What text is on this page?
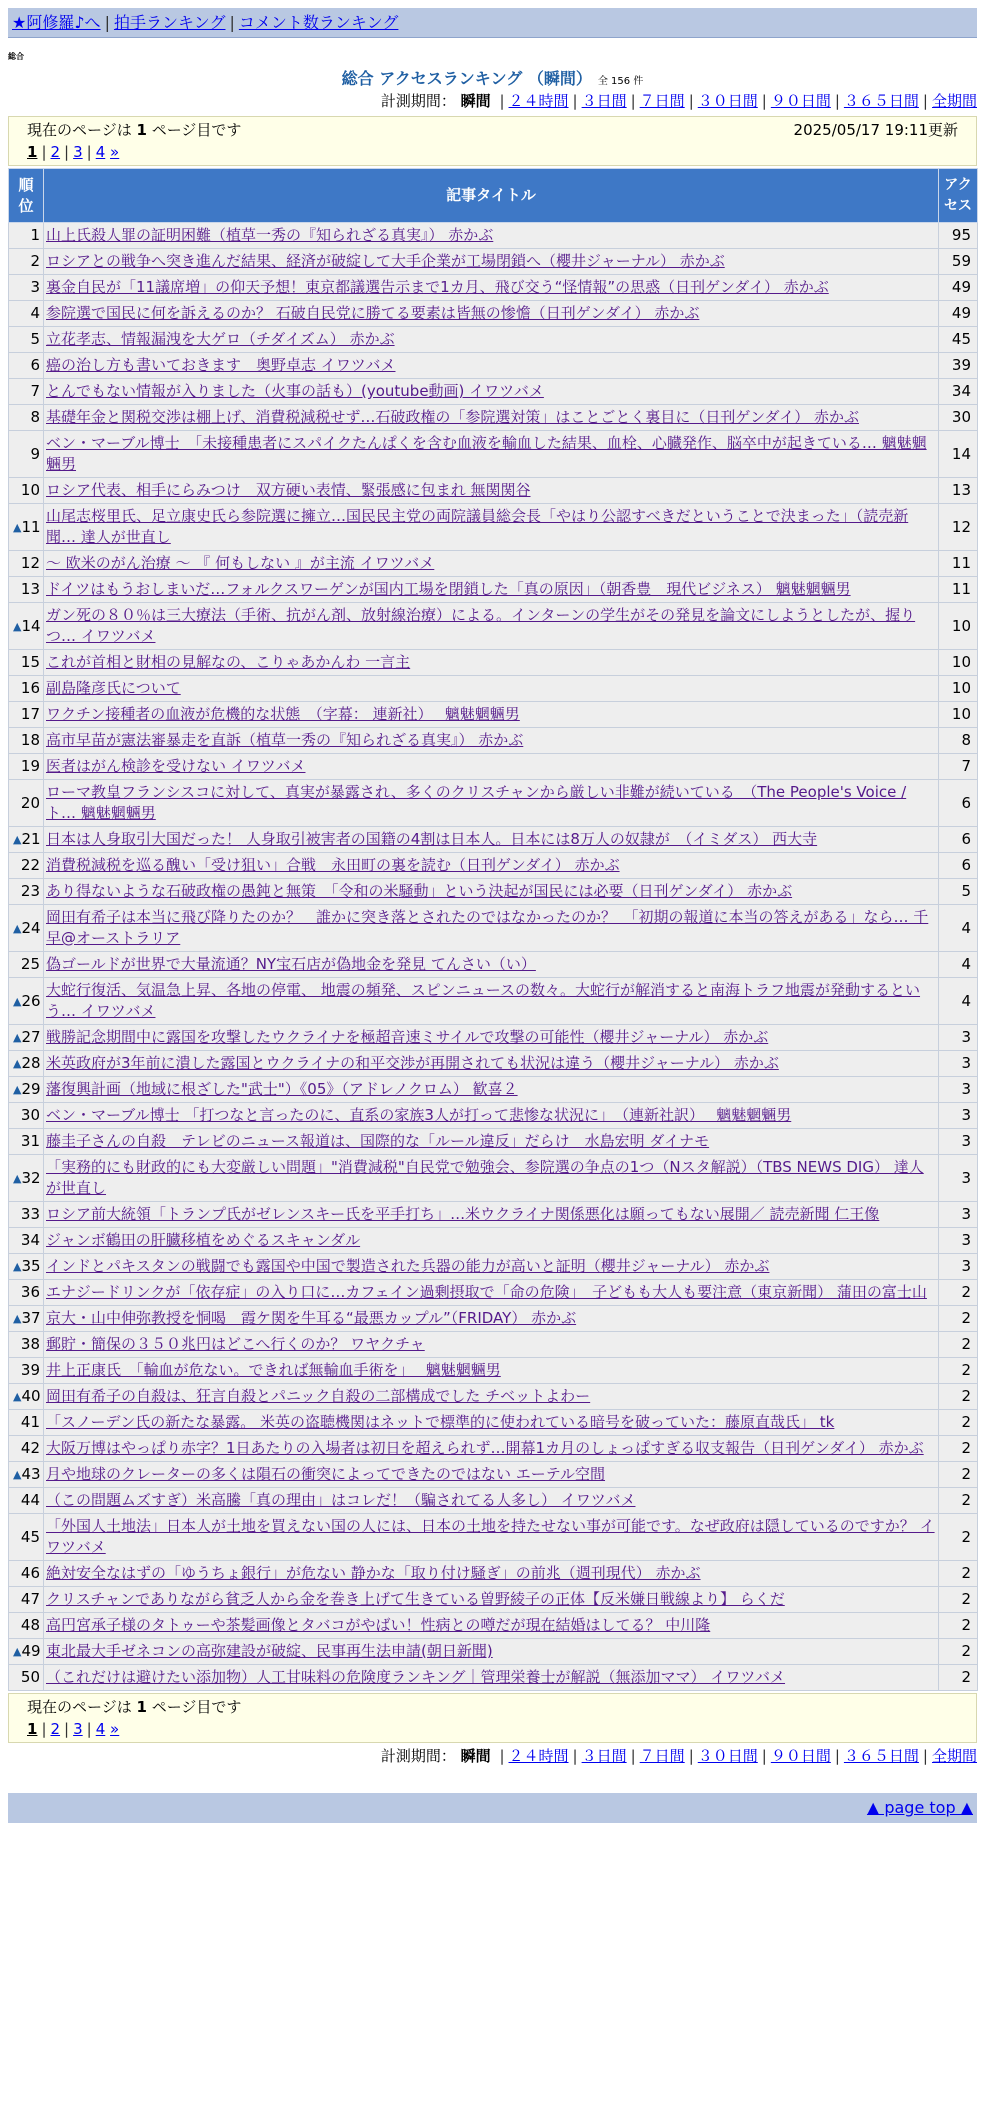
★阿修羅♪へ | 拍手ランキング | コメント数ランキング
総合
総合 アクセスランキング （瞬間） 全 156 件
計測期間： 瞬間 | ２４時間 | ３日間 | ７日間 | ３０日間 | ９０日間 | ３６５日間 | 全期間
現在のページは 1 ページ目です	2025/05/17 19:11更新
1 | 2 | 3 | 4 »
順位	記事タイトル	アクセス
1	山上氏殺人罪の証明困難（植草一秀の『知られざる真実』） 赤かぶ	95
2	ロシアとの戦争へ突き進んだ結果、経済が破綻して大手企業が工場閉鎖へ（櫻井ジャーナル） 赤かぶ	59
3	裏金自民が「11議席増」の仰天予想！東京都議選告示まで1カ月、飛び交う“怪情報”の思惑（日刊ゲンダイ） 赤かぶ	49
4	参院選で国民に何を訴えるのか？ 石破自民党に勝てる要素は皆無の惨憺（日刊ゲンダイ） 赤かぶ	49
5	立花孝志、情報漏洩を大ゲロ（チダイズム） 赤かぶ	45
6	癌の治し方も書いておきます　奥野卓志 イワツバメ	39
7	とんでもない情報が入りました（火事の話も）(youtube動画) イワツバメ	34
8	基礎年金と関税交渉は棚上げ、消費税減税せず…石破政権の「参院選対策」はことごとく裏目に（日刊ゲンダイ） 赤かぶ	30
9	ベン・マーブル博士　「未接種患者にスパイクたんぱくを含む血液を輸血した結果、血栓、心臓発作、脳卒中が起きている… 魑魅魍魎男	14
10	ロシア代表、相手にらみつけ　双方硬い表情、緊張感に包まれ 無関関谷	13

▲ 11	山尾志桜里氏、足立康史氏ら参院選に擁立…国民民主党の両院議員総会長「やはり公認すべきだということで決まった」（読売新聞… 達人が世直し	12
12	～ 欧米のがん治療 ～ 『 何もしない 』が主流 イワツバメ	11
13	ドイツはもうおしまいだ…フォルクスワーゲンが国内工場を閉鎖した「真の原因」（朝香豊　現代ビジネス） 魑魅魍魎男	11

▲ 14	ガン死の８０％は三大療法（手術、抗がん剤、放射線治療）による。インターンの学生がその発見を論文にしようとしたが、握りつ… イワツバメ	10
15	これが首相と財相の見解なの、こりゃあかんわ 一言主	10
16	副島隆彦氏について	10
17	ワクチン接種者の血液が危機的な状態　（字幕： 連新社）　 魑魅魍魎男	10
18	高市早苗が憲法審暴走を直訴（植草一秀の『知られざる真実』） 赤かぶ	8
19	医者はがん検診を受けない イワツバメ	7
20	ローマ教皇フランシスコに対して、真実が暴露され、多くのクリスチャンから厳しい非難が続いている　（The People's Voice / ト… 魑魅魍魎男	6

▲ 21	日本は人身取引大国だった！ 人身取引被害者の国籍の4割は日本人。日本には8万人の奴隷が　（イミダス） 西大寺	6
22	消費税減税を巡る醜い「受け狙い」合戦　永田町の裏を読む（日刊ゲンダイ） 赤かぶ	6
23	あり得ないような石破政権の愚鈍と無策　「令和の米騒動」という決起が国民には必要（日刊ゲンダイ） 赤かぶ	5

▲ 24	岡田有希子は本当に飛び降りたのか？　誰かに突き落とされたのではなかったのか？　「初期の報道に本当の答えがある」なら… 千早@オーストラリア	4
25	偽ゴールドが世界で大量流通？NY宝石店が偽地金を発見 てんさい（い）	4

▲ 26	大蛇行復活、気温急上昇、各地の停電、 地震の頻発、スピンニュースの数々。大蛇行が解消すると南海トラフ地震が発動するという… イワツバメ	4

▲ 27	戦勝記念期間中に露国を攻撃したウクライナを極超音速ミサイルで攻撃の可能性（櫻井ジャーナル） 赤かぶ	3

▲ 28	米英政府が3年前に潰した露国とウクライナの和平交渉が再開されても状況は違う（櫻井ジャーナル） 赤かぶ	3

▲ 29	藩復興計画（地域に根ざした"武士"）《05》（アドレノクロム） 歓喜２	3
30	ベン・マーブル博士 「打つなと言ったのに、直系の家族3人が打って悲惨な状況に」　（連新社訳）　 魑魅魍魎男	3
31	藤圭子さんの自殺　テレビのニュース報道は、国際的な「ルール違反」だらけ　水島宏明 ダイナモ	3

▲ 32	「実務的にも財政的にも大変厳しい問題」"消費減税"自民党で勉強会、参院選の争点の1つ（Nスタ解説）（TBS NEWS DIG） 達人が世直し	3
33	ロシア前大統領「トランプ氏がゼレンスキー氏を平手打ち」…米ウクライナ関係悪化は願ってもない展開／ 読売新聞 仁王像	3
34	ジャンボ鶴田の肝臓移植をめぐるスキャンダル	3

▲ 35	インドとパキスタンの戦闘でも露国や中国で製造された兵器の能力が高いと証明（櫻井ジャーナル） 赤かぶ	3
36	エナジードリンクが「依存症」の入り口に…カフェイン過剰摂取で「命の危険」　子どもも大人も要注意（東京新聞） 蒲田の富士山	2

▲ 37	京大・山中伸弥教授を恫喝　霞ケ関を牛耳る“最悪カップル”（FRIDAY） 赤かぶ	2
38	郵貯・簡保の３５０兆円はどこへ行くのか？ ワヤクチャ	2
39	井上正康氏　「輸血が危ない。できれば無輸血手術を」　 魑魅魍魎男	2

▲ 40	岡田有希子の自殺は、狂言自殺とパニック自殺の二部構成でした チベットよわー	2
41	「スノーデン氏の新たな暴露。 米英の盗聴機関はネットで標準的に使われている暗号を破っていた：藤原直哉氏」 tk	2
42	大阪万博はやっぱり赤字？1日あたりの入場者は初日を超えられず…開幕1カ月のしょっぱすぎる収支報告（日刊ゲンダイ） 赤かぶ	2

▲ 43	月や地球のクレーターの多くは隕石の衝突によってできたのではない エーテル空間	2
44	（この問題ムズすぎ）米高騰「真の理由」はコレだ！（騙されてる人多し） イワツバメ	2
45	「外国人土地法」日本人が土地を買えない国の人には、日本の土地を持たせない事が可能です。なぜ政府は隠しているのですか？ イワツバメ	2
46	絶対安全なはずの「ゆうちょ銀行」が危ない 静かな「取り付け騒ぎ」の前兆（週刊現代） 赤かぶ	2
47	クリスチャンでありながら貧乏人から金を巻き上げて生きている曽野綾子の正体【反米嫌日戦線より】 らくだ	2
48	高円宮承子様のタトゥーや茶髪画像とタバコがやばい！性病との噂だが現在結婚はしてる？ 中川隆	2

▲ 49	東北最大手ゼネコンの高弥建設が破綻、民事再生法申請(朝日新聞)	2
50	（これだけは避けたい添加物）人工甘味料の危険度ランキング｜管理栄養士が解説（無添加ママ） イワツバメ	2
現在のページは 1 ページ目です
1 | 2 | 3 | 4 »
計測期間： 瞬間 | ２４時間 | ３日間 | ７日間 | ３０日間 | ９０日間 | ３６５日間 | 全期間
▲ page top ▲
